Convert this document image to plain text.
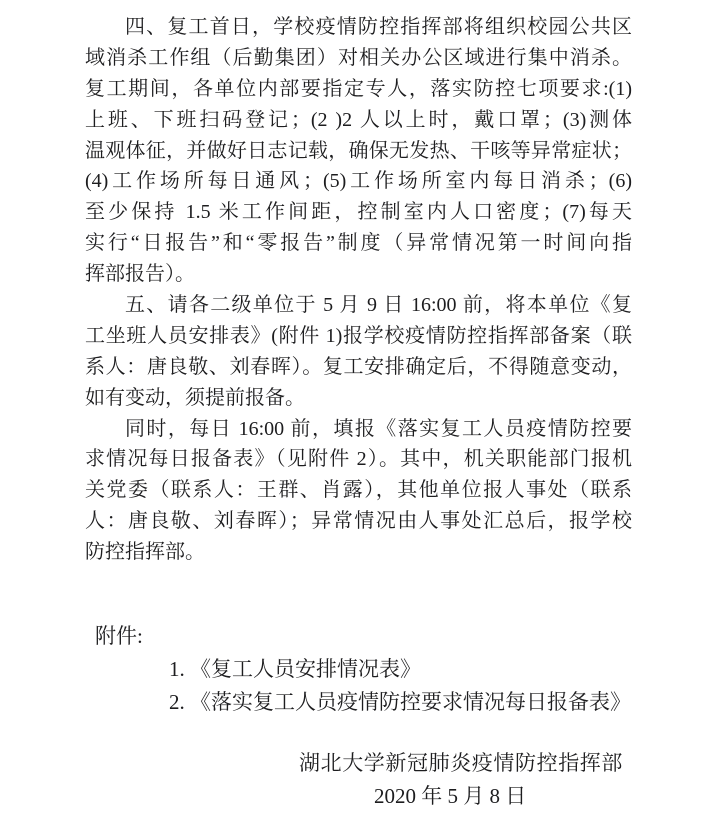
四、复工首日，学校疫情防控指挥部将组织校园公共区
域消杀工作组（后勤集团）对相关办公区域进行集中消杀。
复工期间，各单位内部要指定专人，落实防控七项要求:(1)
上班、下班扫码登记；(2 )2 人以上时，戴口罩；(3)测体
温观体征，并做好日志记载，确保无发热、干咳等异常症状；
(4)工作场所每日通风；(5)工作场所室内每日消杀；(6)
至少保持 1.5 米工作间距，控制室内人口密度；(7)每天
实行“日报告”和“零报告”制度（异常情况第一时间向指
挥部报告）。
五、请各二级单位于 5 月 9 日 16:00 前，将本单位《复
工坐班人员安排表》(附件 1)报学校疫情防控指挥部备案（联
系人：唐良敬、刘春晖）。复工安排确定后，不得随意变动，
如有变动，须提前报备。
同时，每日 16:00 前，填报《落实复工人员疫情防控要
求情况每日报备表》（见附件 2）。其中，机关职能部门报机
关党委（联系人：王群、肖露），其他单位报人事处（联系
人：唐良敬、刘春晖）；异常情况由人事处汇总后，报学校
防控指挥部。
附件:
1. 《复工人员安排情况表》
2. 《落实复工人员疫情防控要求情况每日报备表》
湖北大学新冠肺炎疫情防控指挥部
2020 年 5 月 8 日
